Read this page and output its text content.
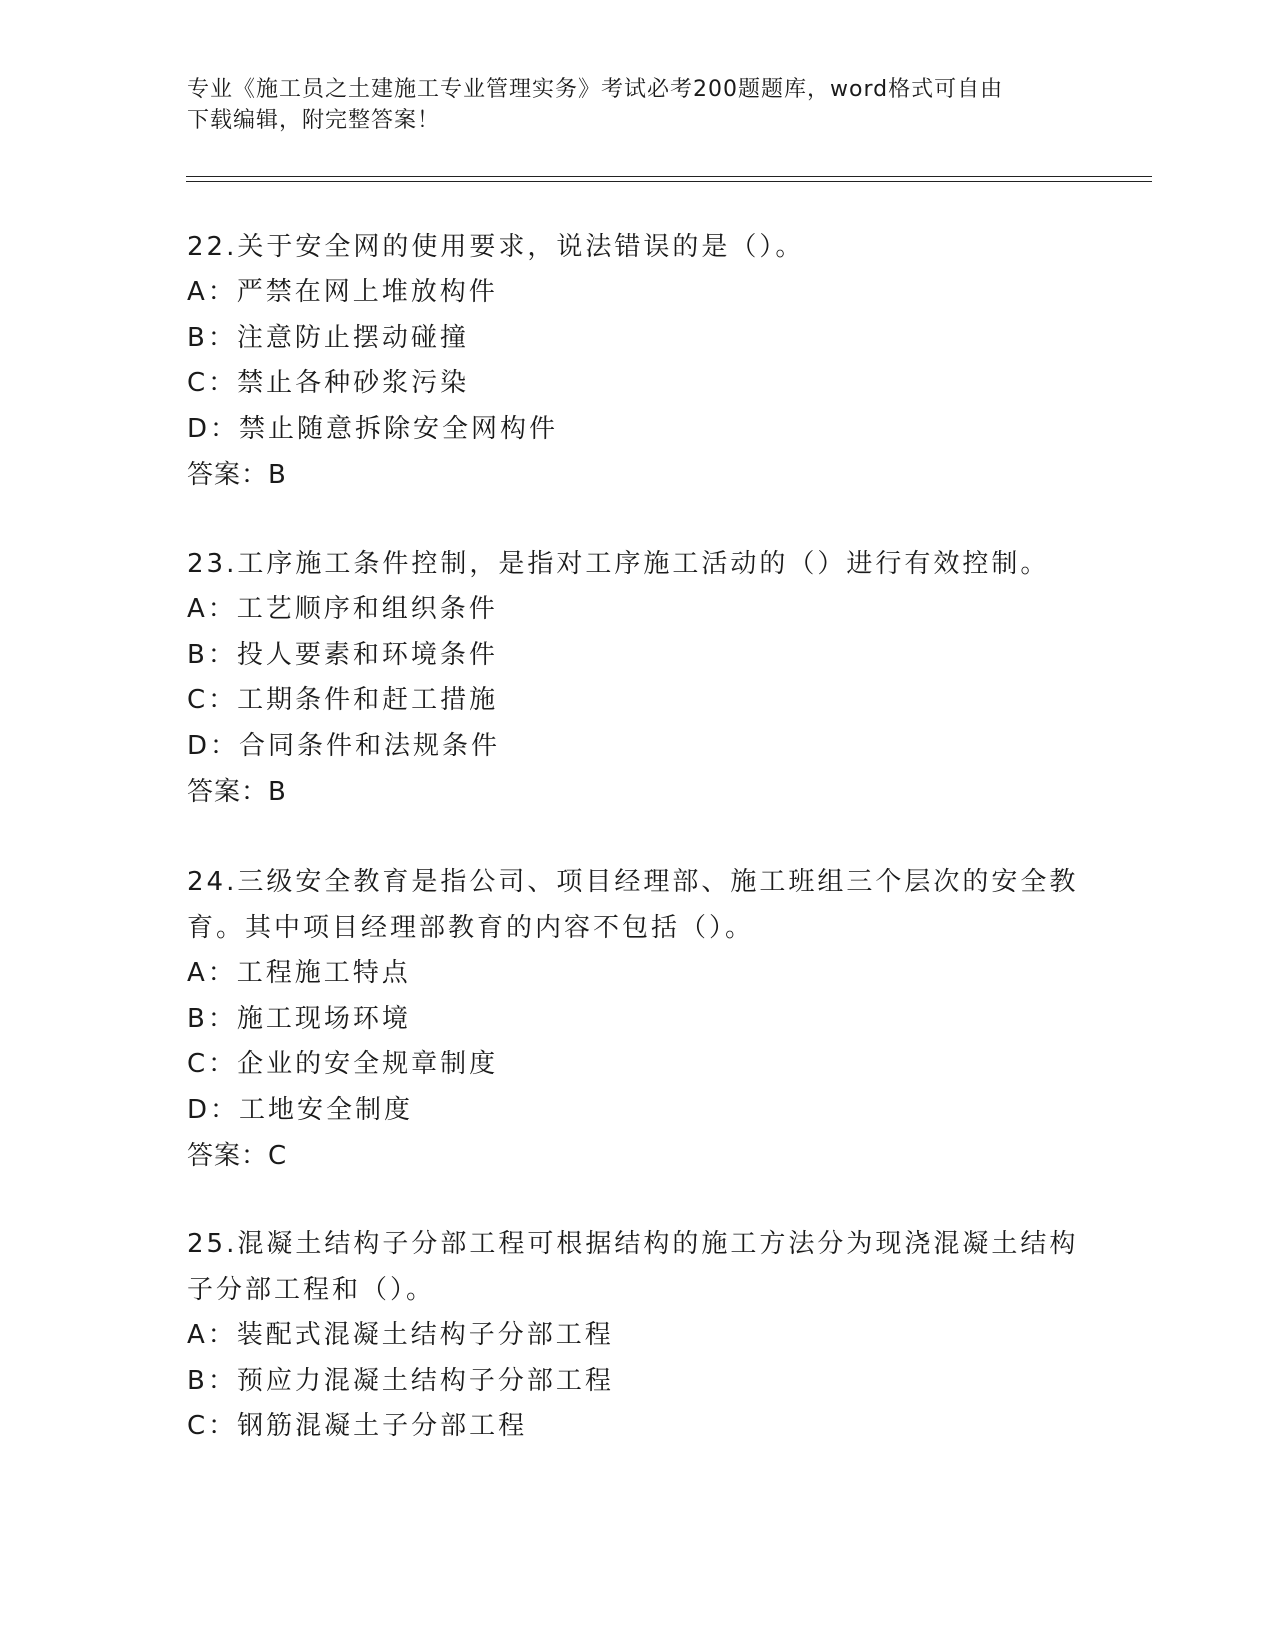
专业《施工员之土建施工专业管理实务》考试必考200题题库，word格式可自由
下载编辑，附完整答案！
22.关于安全网的使用要求，说法错误的是（）。
A：严禁在网上堆放构件
B：注意防止摆动碰撞
C：禁止各种砂浆污染
D：禁止随意拆除安全网构件
答案：B
23.工序施工条件控制，是指对工序施工活动的（）进行有效控制。
A：工艺顺序和组织条件
B：投人要素和环境条件
C：工期条件和赶工措施
D：合同条件和法规条件
答案：B
24.三级安全教育是指公司、项目经理部、施工班组三个层次的安全教
育。其中项目经理部教育的内容不包括（）。
A：工程施工特点
B：施工现场环境
C：企业的安全规章制度
D：工地安全制度
答案：C
25.混凝土结构子分部工程可根据结构的施工方法分为现浇混凝土结构
子分部工程和（）。
A：装配式混凝土结构子分部工程
B：预应力混凝土结构子分部工程
C：钢筋混凝土子分部工程
